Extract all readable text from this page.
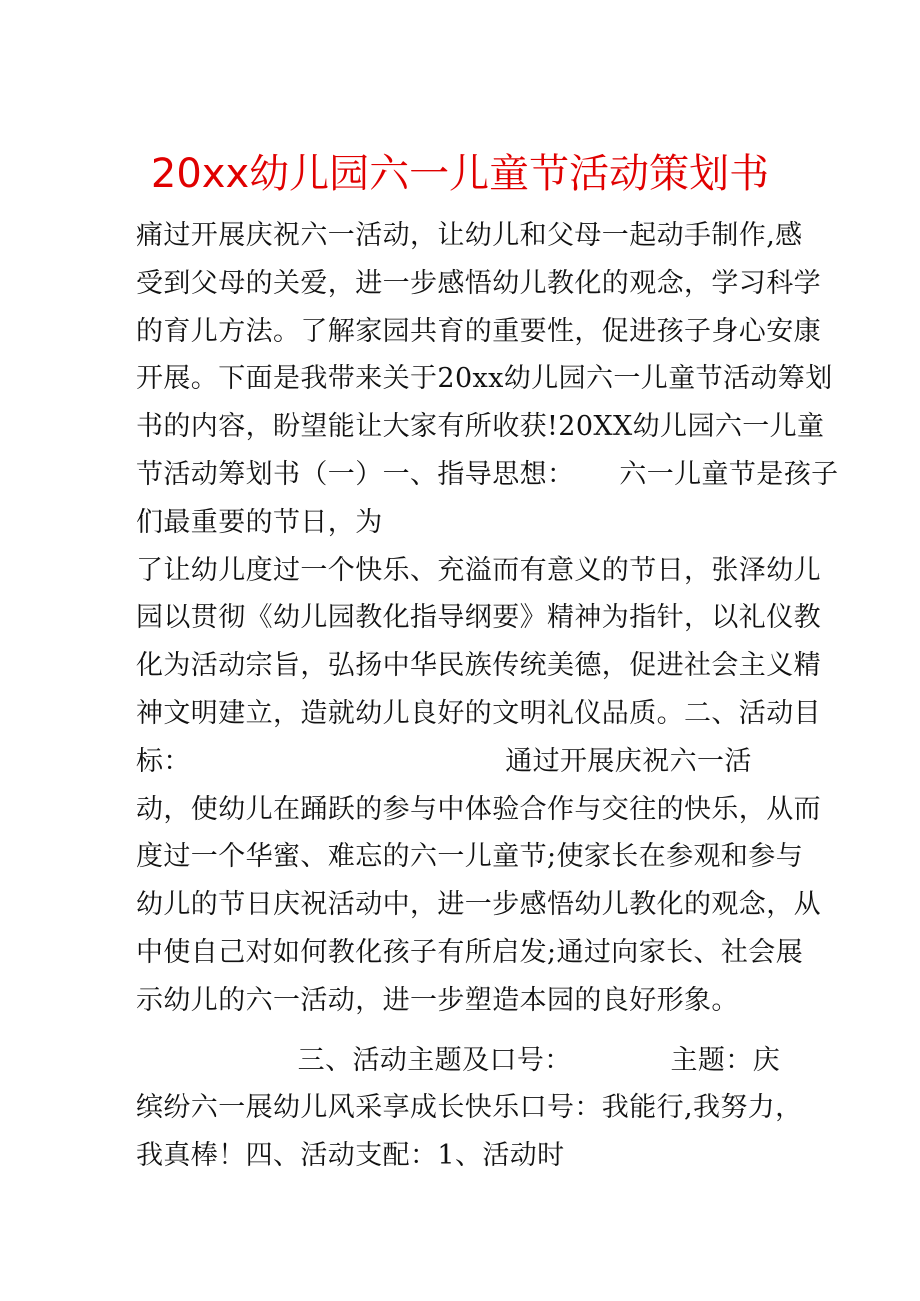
20xx幼儿园六一儿童节活动策划书
痛过开展庆祝六一活动，让幼儿和父母一起动手制作,感
受到父母的关爱，进一步感悟幼儿教化的观念，学习科学
的育儿方法。了解家园共育的重要性，促进孩子身心安康
开展。下面是我带来关于20xx幼儿园六一儿童节活动筹划
书的内容，盼望能让大家有所收获!20XX幼儿园六一儿童
节活动筹划书（一）一、指导思想：     六一儿童节是孩子
们最重要的节日，为
了让幼儿度过一个快乐、充溢而有意义的节日，张泽幼儿
园以贯彻《幼儿园教化指导纲要》精神为指针，以礼仪教
化为活动宗旨，弘扬中华民族传统美德，促进社会主义精
神文明建立，造就幼儿良好的文明礼仪品质。二、活动目
标：                                   通过开展庆祝六一活
动，使幼儿在踊跃的参与中体验合作与交往的快乐，从而
度过一个华蜜、难忘的六一儿童节;使家长在参观和参与
幼儿的节日庆祝活动中，进一步感悟幼儿教化的观念，从
中使自己对如何教化孩子有所启发;通过向家长、社会展
示幼儿的六一活动，进一步塑造本园的良好形象。
三、活动主题及口号：           主题：庆
缤纷六一展幼儿风采享成长快乐口号：我能行,我努力，
我真棒！四、活动支配：1、活动时
